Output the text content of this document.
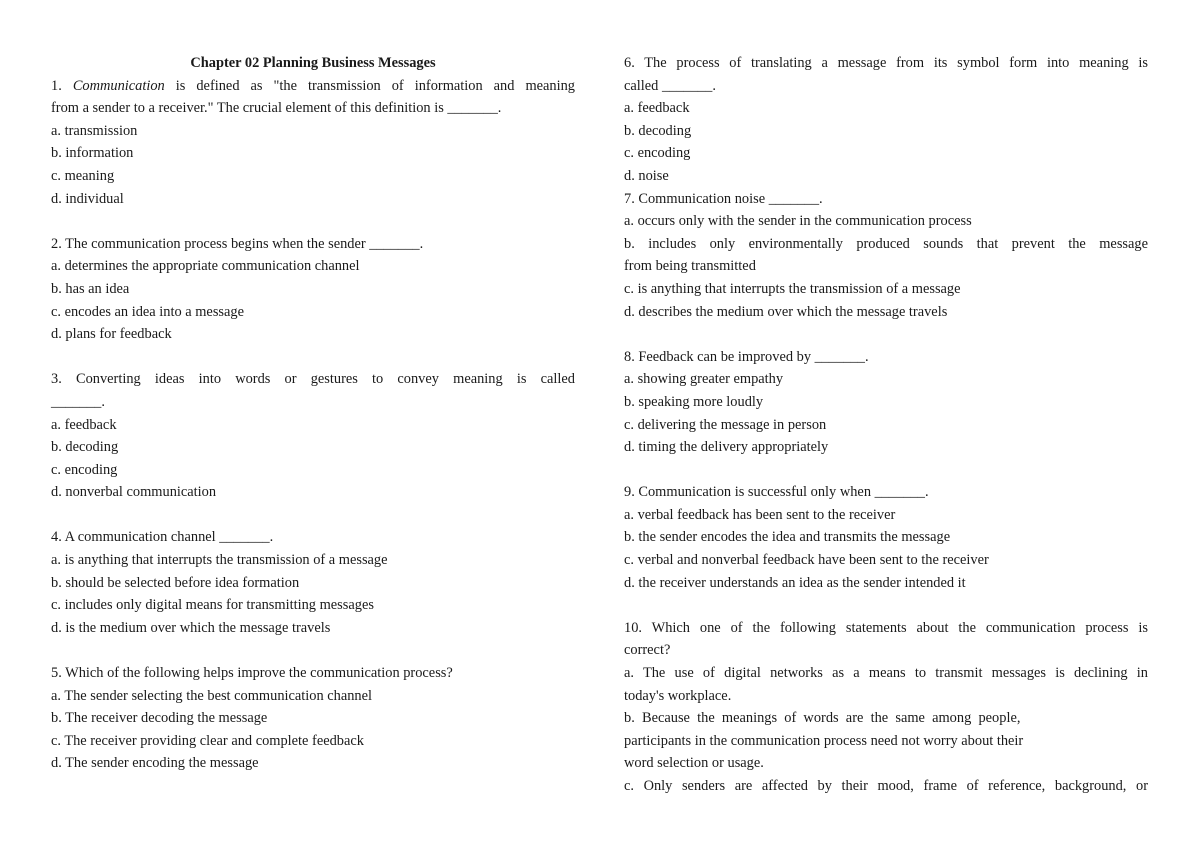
Chapter 02 Planning Business Messages
1. Communication is defined as "the transmission of information and meaning
from a sender to a receiver." The crucial element of this definition is _______.
a. transmission
b. information
c. meaning
d. individual
2. The communication process begins when the sender _______.
a. determines the appropriate communication channel
b. has an idea
c. encodes an idea into a message
d. plans for feedback
3. Converting ideas into words or gestures to convey meaning is called
_______.
a. feedback
b. decoding
c. encoding
d. nonverbal communication
4. A communication channel _______.
a. is anything that interrupts the transmission of a message
b. should be selected before idea formation
c. includes only digital means for transmitting messages
d. is the medium over which the message travels
5. Which of the following helps improve the communication process?
a. The sender selecting the best communication channel
b. The receiver decoding the message
c. The receiver providing clear and complete feedback
d. The sender encoding the message
6. The process of translating a message from its symbol form into meaning is
called _______.
a. feedback
b. decoding
c. encoding
d. noise
7. Communication noise _______.
a. occurs only with the sender in the communication process
b. includes only environmentally produced sounds that prevent the message
from being transmitted
c. is anything that interrupts the transmission of a message
d. describes the medium over which the message travels
8. Feedback can be improved by _______.
a. showing greater empathy
b. speaking more loudly
c. delivering the message in person
d. timing the delivery appropriately
9. Communication is successful only when _______.
a. verbal feedback has been sent to the receiver
b. the sender encodes the idea and transmits the message
c. verbal and nonverbal feedback have been sent to the receiver
d. the receiver understands an idea as the sender intended it
10. Which one of the following statements about the communication process is
correct?
a. The use of digital networks as a means to transmit messages is declining in
today's workplace.
b.  Because  the  meanings  of  words  are  the  same  among  people,
participants in the communication process need not worry about their
word selection or usage.
c. Only senders are affected by their mood, frame of reference, background, or
